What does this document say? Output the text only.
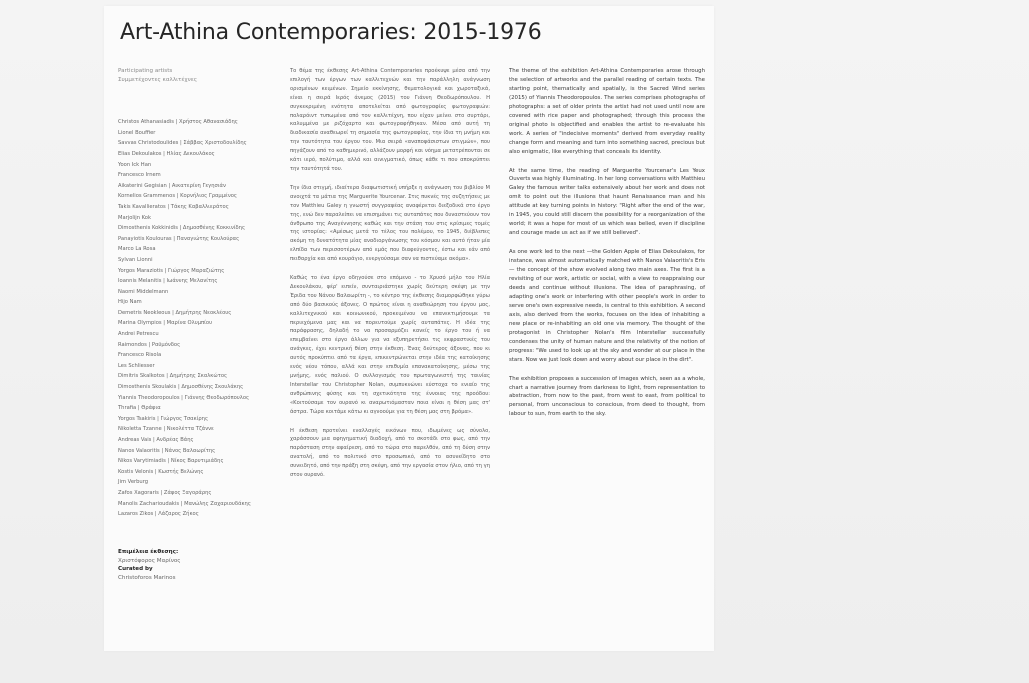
Art-Athina Contemporaries: 2015-1976
Participating artists
Συμμετέχοντες καλλιτέχνες
Christos Athanasiadis | Χρήστος Αθανασιάδης
Lionel Bouffier
Savvas Christodoulides | Σάββας Χριστοδουλίδης
Elias Dekoulakos | Ηλίας Δεκουλάκος
Yoon Ick Han
Francesco Irnem
Aikaterini Gegisian | Αικατερίνη Γεγησιάν
Kornelios Grammenos | Κορνήλιος Γραμμένος
Takis Kavallieratos | Τάκης Καβαλλιεράτος
Marjolijn Kok
Dimosthenis Kokkinidis | Δημοσθένης Κοκκινίδης
Panayiotis Koulouras | Παναγιώτης Κουλούρας
Marco La Rosa
Sylvan Lionni
Yorgos Maraziotis | Γιώργος Μαραζιώτης
Ioannis Melanitis | Ιωάννης Μελανίτης
Naomi Middelmann
Hijo Nam
Demetris Neokleous | Δημήτρης Νεοκλέους
Marina Olympios | Μαρίνα Ολυμπίου
Andrei Petrescu
Raimondos | Ραϋμόνδος
Francesco Risola
Les Schliesser
Dimitris Skalkotos | Δημήτρης Σκαλκώτος
Dimosthenis Skoulakis | Δημοσθένης Σκουλάκης
Yiannis Theodoropoulos | Γιάννης Θεοδωρόπουλος
Thrafia | Θράφια
Yorgos Tsakiris | Γιώργος Τσακίρης
Nikoletta Tzanne | Νικολέττα Τζάννε
Andreas Vais | Ανδρέας Βάης
Nanos Valaoritis | Νάνος Βαλαωρίτης
Nikos Varytimiadis | Νίκος Βαρυτιμιάδης
Kostis Velonis | Κωστής Βελώνης
Jim Verburg
Zafos Xagoraris | Ζάφος Ξαγοράρης
Manolis Zacharioudakis | Μανώλης Ζαχαριουδάκης
Lazaros Zikos | Λάζαρος Ζήκος
Επιμέλεια έκθεσης:
Χριστόφορος Μαρίνος
Curated by
Christoforos Marinos

Το θέμα της έκθεσης Art-Athina Contemporaries προέκυψε μέσα από την επιλογή των έργων των καλλιτεχνών και την παράλληλη ανάγνωση ορισμένων κειμένων. Σημείο εκκίνησης, θεματολογικά και χωροταξικά, είναι η σειρά Ιερός άνεμος (2015) του Γιάννη Θεοδωρόπουλου. Η συγκεκριμένη ενότητα αποτελείται από φωτογραφίες φωτογραφιών: πολαρόιντ τυπωμένα από τον καλλιτέχνη, που είχαν μείνει στο συρτάρι, καλυμμένα με ριζόχαρτο και φωτογραφήθηκαν. Μέσα από αυτή τη διαδικασία αναθεωρεί τη σημασία της φωτογραφίας, την ίδια τη μνήμη και την ταυτότητα του έργου του. Μια σειρά «αναποφάσιστων στιγμών», που πηγάζουν από το καθημερινό, αλλάζουν μορφή και νόημα μετατρέπονται σε κάτι ιερό, πολύτιμο, αλλά και αινιγματικό, όπως κάθε τι που αποκρύπτει την ταυτότητά του.

Την ίδια στιγμή, ιδιαίτερα διαφωτιστική υπήρξε η ανάγνωση του βιβλίου Μ ανοιχτά τα μάτια της Marguerite Yourcenar. Στις πυκνές της συζητήσεις με τον Matthieu Galey η γνωστή συγγραφέας αναφέρεται διεξοδικά στο έργο της, ενώ δεν παραλείπει να επισημάνει τις αυταπάτες που δυναστεύουν τον άνθρωπο της Αναγέννησης καθώς και την στάση του στις κρίσιμες τομές της ιστορίας: «Αμέσως μετά το τέλος του πολέμου, το 1945, διέβλεπες ακόμη τη δυνατότητα μίας αναδιοργάνωσης του κόσμου και αυτό ήταν μία ελπίδα των περισσοτέρων από εμάς που διαφεύγοντες, έστω και εάν από πειθαρχία και από κουράγιο, ενεργούσαμε σαν να πιστεύαμε ακόμα».

Καθώς το ένα έργο οδηγούσε στο επόμενο - το Χρυσό μήλο του Ηλία Δεκουλάκου, φέρ' ειπείν, συνταιριάστηκε χωρίς δεύτερη σκέψη με την Έριδα του Νάνου Βαλαωρίτη -, το κέντρο της έκθεσης διαμορφώθηκε γύρω από δύο βασικούς άξονες. Ο πρώτος είναι η αναθεώρηση του έργου μας, καλλιτεχνικού και κοινωνικού, προκειμένου να επανεκτιμήσουμε τα περιεχόμενα μας και να πορευτούμε χωρίς αυταπάτες. Η ιδέα της παράφρασης, δηλαδή το να προσαρμόζει κανείς το έργο του ή να επεμβαίνει στο έργο άλλων για να εξυπηρετήσει τις εκφραστικές του ανάγκες, έχει κεντρική θέση στην έκθεση. Ένας δεύτερος άξονας, που κι αυτός προκύπτει από τα έργα, επικεντρώνεται στην ιδέα της κατοίκησης ενός νέου τόπου, αλλά και στην επιθυμία επανακατοίκησης, μέσω της μνήμης, ενός παλιού. Ο συλλογισμός του πρωταγωνιστή της ταινίας Interstellar του Christopher Nolan, συμπυκνώνει εύστοχα το ενιαίο της ανθρώπινης φύσης και τη σχετικότητα της έννοιας της προόδου: «Κοιτούσαμε τον ουρανό κι αναρωτιόμασταν ποια είναι η θέση μας στ' άστρα. Τώρα κοιτάμε κάτω κι αγνοούμε για τη θέση μας στη βρόμα».

Η έκθεση προτείνει εναλλαγές εικόνων που, ιδωμένες ως σύνολο, χαράσσουν μια αφηγηματική διαδοχή, από το σκοτάδι στο φως, από την παράσταση στην αφαίρεση, από το τώρα στο παρελθόν, από τη δύση στην ανατολή, από το πολιτικό στο προσωπικό, από το ασυνείδητο στο συνειδητό, από την πράξη στη σκέψη, από την εργασία στον ήλιο, από τη γη στον ουρανό.

The theme of the exhibition Art-Athina Contemporaries arose through the selection of artworks and the parallel reading of certain texts. The starting point, thematically and spatially, is the Sacred Wind series (2015) of Yiannis Theodoropoulos. The series comprises photographs of photographs: a set of older prints the artist had not used until now are covered with rice paper and photographed; through this process the original photo is objectified and enables the artist to re-evaluate his work. A series of "indecisive moments" derived from everyday reality change form and meaning and turn into something sacred, precious but also enigmatic, like everything that conceals its identity.

At the same time, the reading of Marguerite Yourcenar's Les Yeux Ouverts was highly illuminating. In her long conversations with Matthieu Galey the famous writer talks extensively about her work and does not omit to point out the illusions that haunt Renaissance man and his attitude at key turning points in history: "Right after the end of the war, in 1945, you could still discern the possibility for a reorganization of the world; it was a hope for most of us which was belied, even if discipline and courage made us act as if we still believed".

As one work led to the next —the Golden Apple of Elias Dekoulakos, for instance, was almost automatically matched with Nanos Valaoritis's Eris— the concept of the show evolved along two main axes. The first is a revisiting of our work, artistic or social, with a view to reappraising our deeds and continue without illusions. The idea of paraphrasing, of adapting one's work or interfering with other people's work in order to serve one's own expressive needs, is central to this exhibition. A second axis, also derived from the works, focuses on the idea of inhabiting a new place or re-inhabiting an old one via memory. The thought of the protagonist in Christopher Nolan's film Interstellar successfully condenses the unity of human nature and the relativity of the notion of progress: "We used to look up at the sky and wonder at our place in the stars. Now we just look down and worry about our place in the dirt".

The exhibition proposes a succession of images which, seen as a whole, chart a narrative journey from darkness to light, from representation to abstraction, from now to the past, from west to east, from political to personal, from unconscious to conscious, from deed to thought, from labour to sun, from earth to the sky.
